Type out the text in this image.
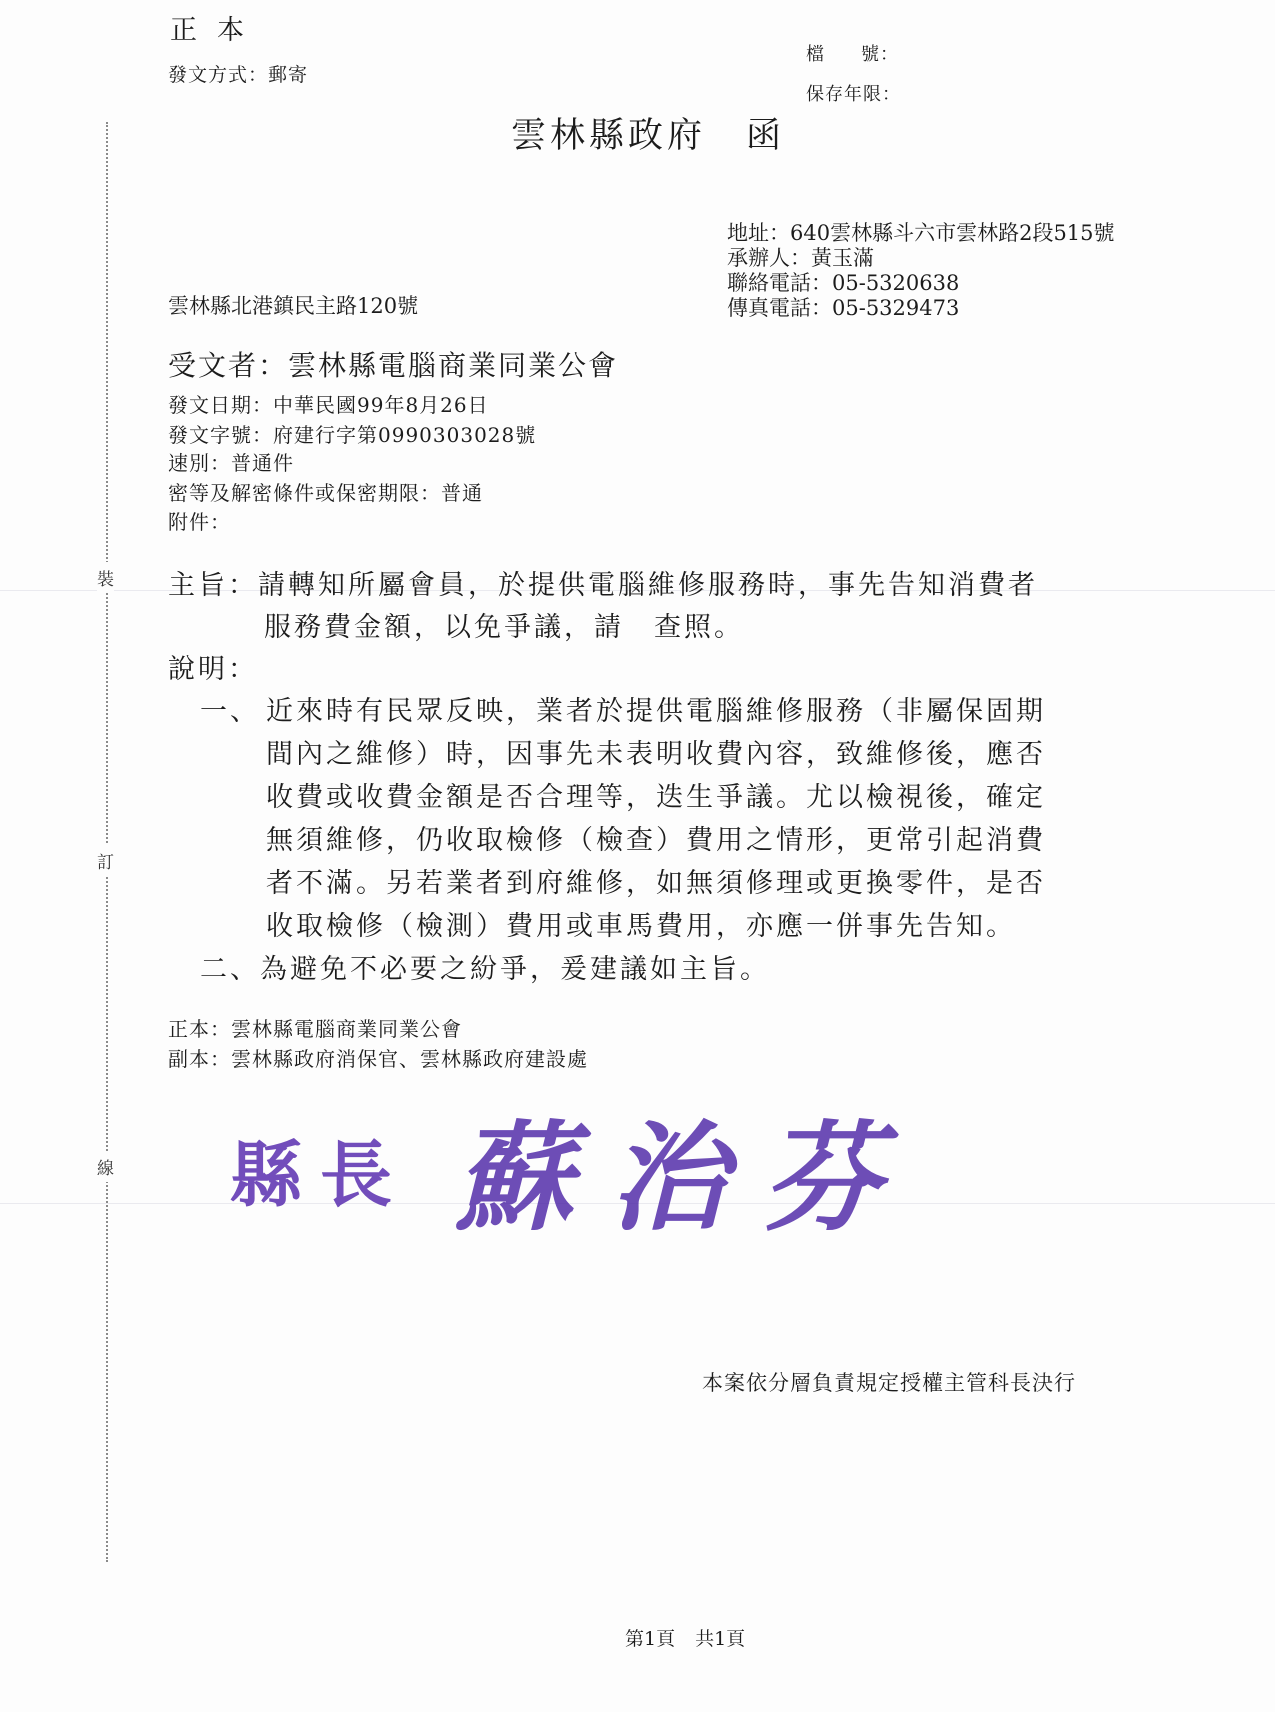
裝
訂
線
正本
發文方式：郵寄
檔 號：
保存年限：
雲林縣政府 函
地址：640雲林縣斗六市雲林路2段515號
承辦人：黃玉滿
聯絡電話：05-5320638
傳真電話：05-5329473
雲林縣北港鎮民主路120號
受文者：雲林縣電腦商業同業公會
發文日期：中華民國99年8月26日
發文字號：府建行字第0990303028號
速別：普通件
密等及解密條件或保密期限：普通
附件：
主旨：請轉知所屬會員，於提供電腦維修服務時，事先告知消費者
服務費金額，以免爭議，請　查照。
說明：
一、 近來時有民眾反映，業者於提供電腦維修服務（非屬保固期
間內之維修）時，因事先未表明收費內容，致維修後，應否
收費或收費金額是否合理等，迭生爭議。尤以檢視後，確定
無須維修，仍收取檢修（檢查）費用之情形，更常引起消費
者不滿。另若業者到府維修，如無須修理或更換零件，是否
收取檢修（檢測）費用或車馬費用，亦應一併事先告知。
二、為避免不必要之紛爭，爰建議如主旨。
正本：雲林縣電腦商業同業公會
副本：雲林縣政府消保官、雲林縣政府建設處
縣長 蘇治芬
本案依分層負責規定授權主管科長決行
第1頁 共1頁
